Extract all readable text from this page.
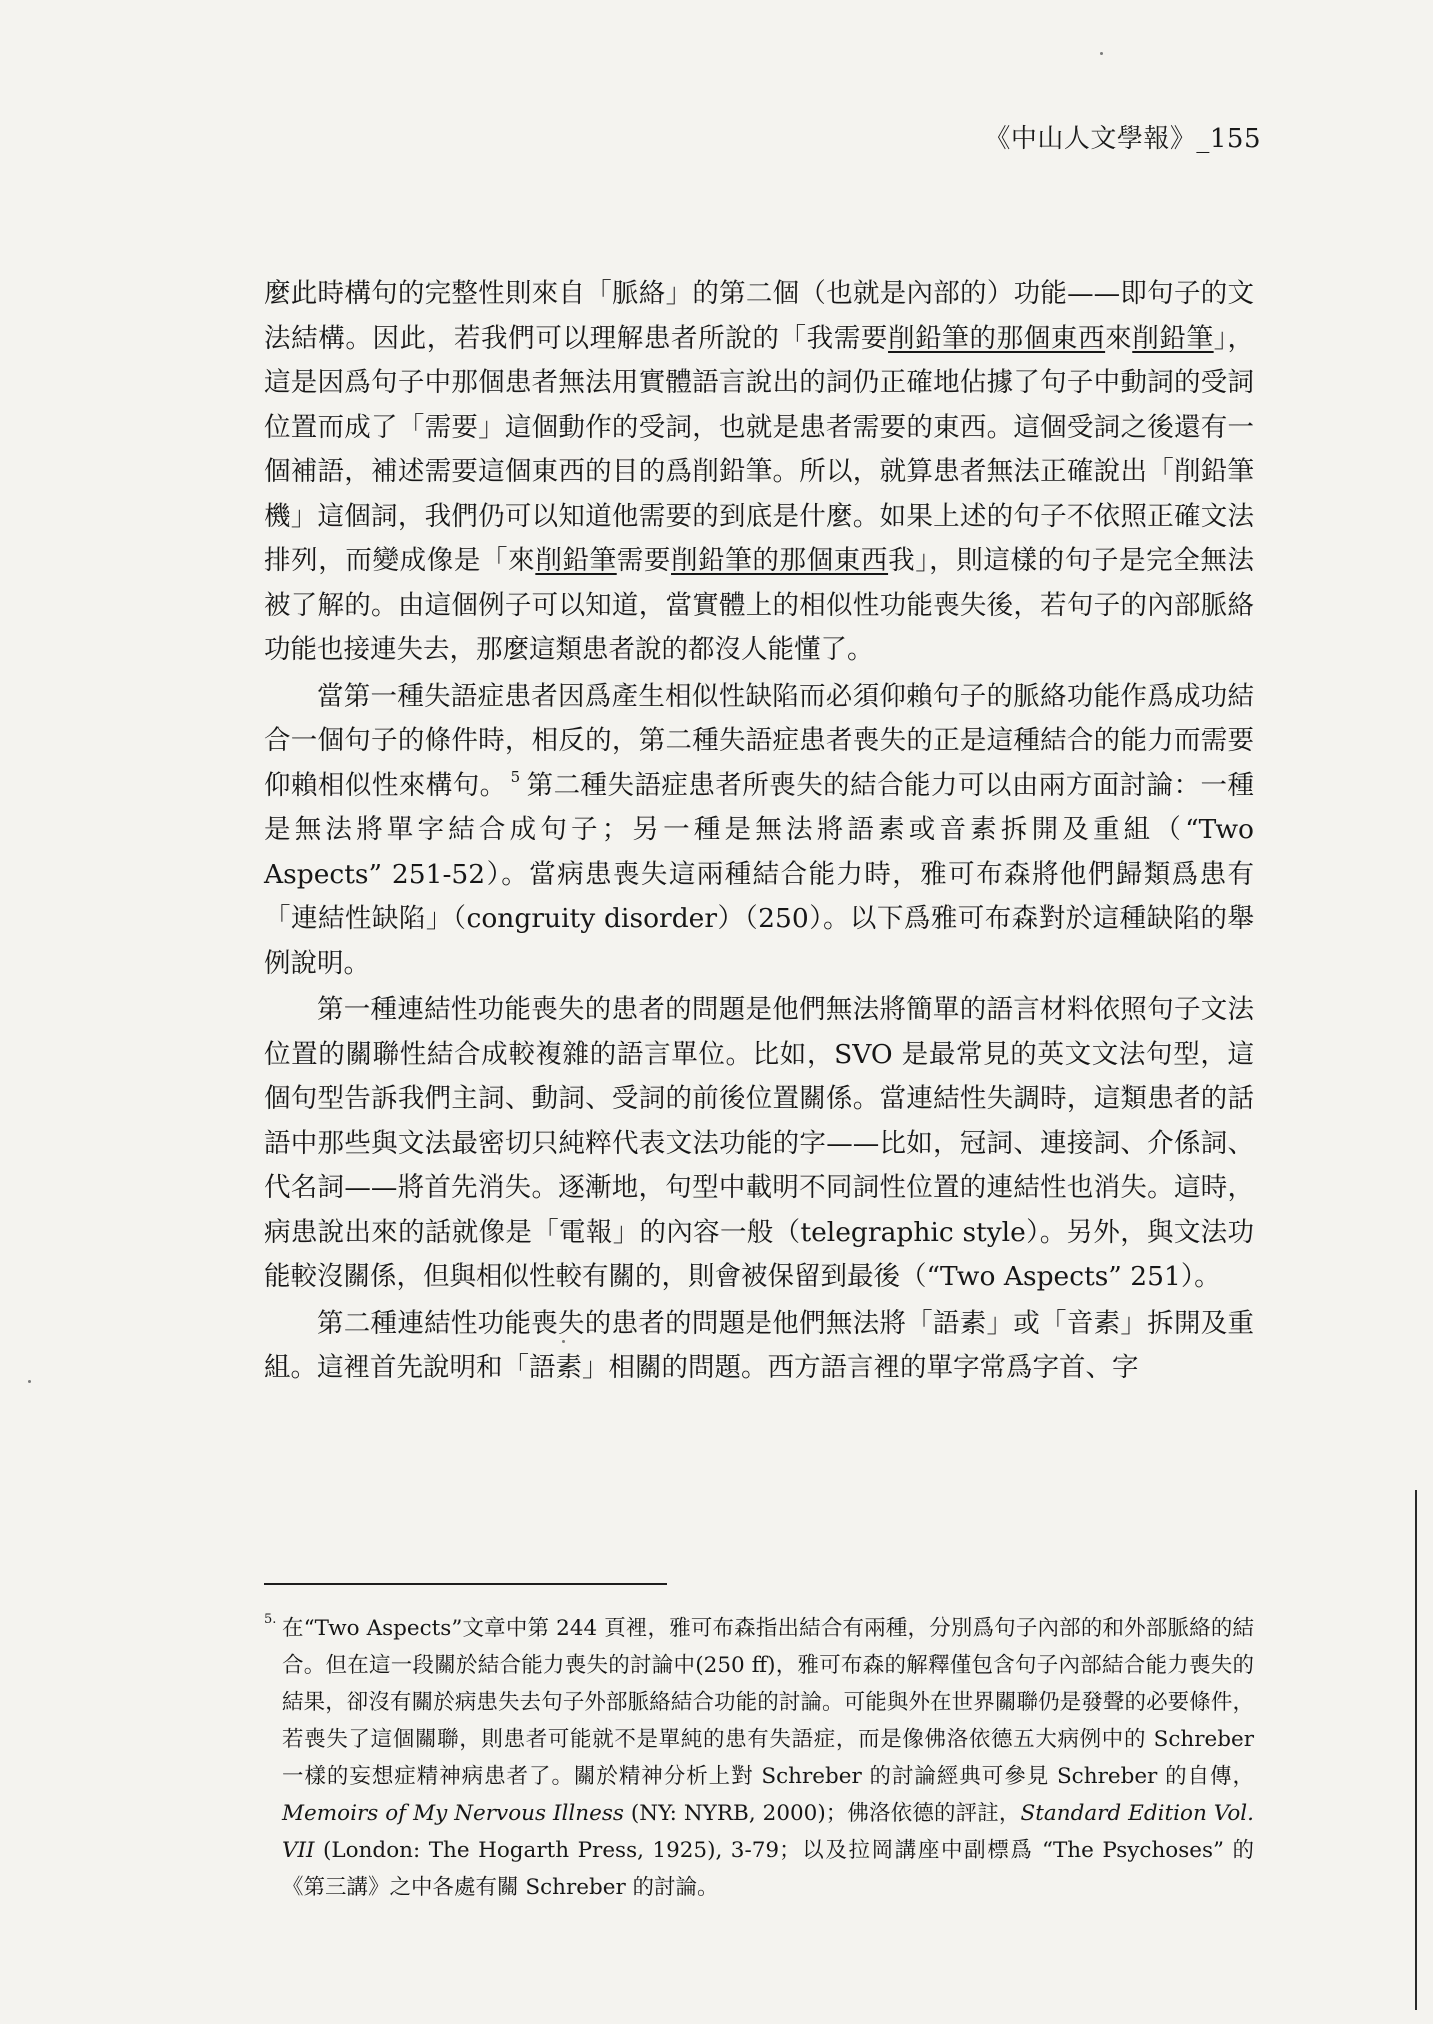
《中山人文學報》_155

麼此時構句的完整性則來自「脈絡」的第二個（也就是內部的）功能——即句子的文法結構。因此，若我們可以理解患者所說的「我需要削鉛筆的那個東西來削鉛筆」，這是因爲句子中那個患者無法用實體語言說出的詞仍正確地佔據了句子中動詞的受詞位置而成了「需要」這個動作的受詞，也就是患者需要的東西。這個受詞之後還有一個補語，補述需要這個東西的目的爲削鉛筆。所以，就算患者無法正確說出「削鉛筆機」這個詞，我們仍可以知道他需要的到底是什麼。如果上述的句子不依照正確文法排列，而變成像是「來削鉛筆需要削鉛筆的那個東西我」，則這樣的句子是完全無法被了解的。由這個例子可以知道，當實體上的相似性功能喪失後，若句子的內部脈絡功能也接連失去，那麼這類患者說的都沒人能懂了。

當第一種失語症患者因爲產生相似性缺陷而必須仰賴句子的脈絡功能作爲成功結合一個句子的條件時，相反的，第二種失語症患者喪失的正是這種結合的能力而需要仰賴相似性來構句。 $^5$ 第二種失語症患者所喪失的結合能力可以由兩方面討論：一種是無法將單字結合成句子；另一種是無法將語素或音素拆開及重組（“Two Aspects” 251-52）。當病患喪失這兩種結合能力時，雅可布森將他們歸類爲患有「連結性缺陷」（congruity disorder）（250）。以下爲雅可布森對於這種缺陷的舉例說明。

第一種連結性功能喪失的患者的問題是他們無法將簡單的語言材料依照句子文法位置的關聯性結合成較複雜的語言單位。比如，SVO 是最常見的英文文法句型，這個句型告訴我們主詞、動詞、受詞的前後位置關係。當連結性失調時，這類患者的話語中那些與文法最密切只純粹代表文法功能的字——比如，冠詞、連接詞、介係詞、代名詞——將首先消失。逐漸地，句型中載明不同詞性位置的連結性也消失。這時，病患說出來的話就像是「電報」的內容一般（telegraphic style）。另外，與文法功能較沒關係，但與相似性較有關的，則會被保留到最後（“Two Aspects” 251）。

第二種連結性功能喪失的患者的問題是他們無法將「語素」或「音素」拆開及重組。這裡首先說明和「語素」相關的問題。西方語言裡的單字常爲字首、字

5. 在“Two Aspects”文章中第 244 頁裡，雅可布森指出結合有兩種，分別爲句子內部的和外部脈絡的結合。但在這一段關於結合能力喪失的討論中(250 ff)，雅可布森的解釋僅包含句子內部結合能力喪失的結果，卻沒有關於病患失去句子外部脈絡結合功能的討論。可能與外在世界關聯仍是發聲的必要條件，若喪失了這個關聯，則患者可能就不是單純的患有失語症，而是像佛洛依德五大病例中的 Schreber 一樣的妄想症精神病患者了。關於精神分析上對 Schreber 的討論經典可參見 Schreber 的自傳，Memoirs of My Nervous Illness (NY: NYRB, 2000)；佛洛依德的評註，Standard Edition Vol. VII (London: The Hogarth Press, 1925), 3-79；以及拉岡講座中副標爲 “The Psychoses” 的《第三講》之中各處有關 Schreber 的討論。
